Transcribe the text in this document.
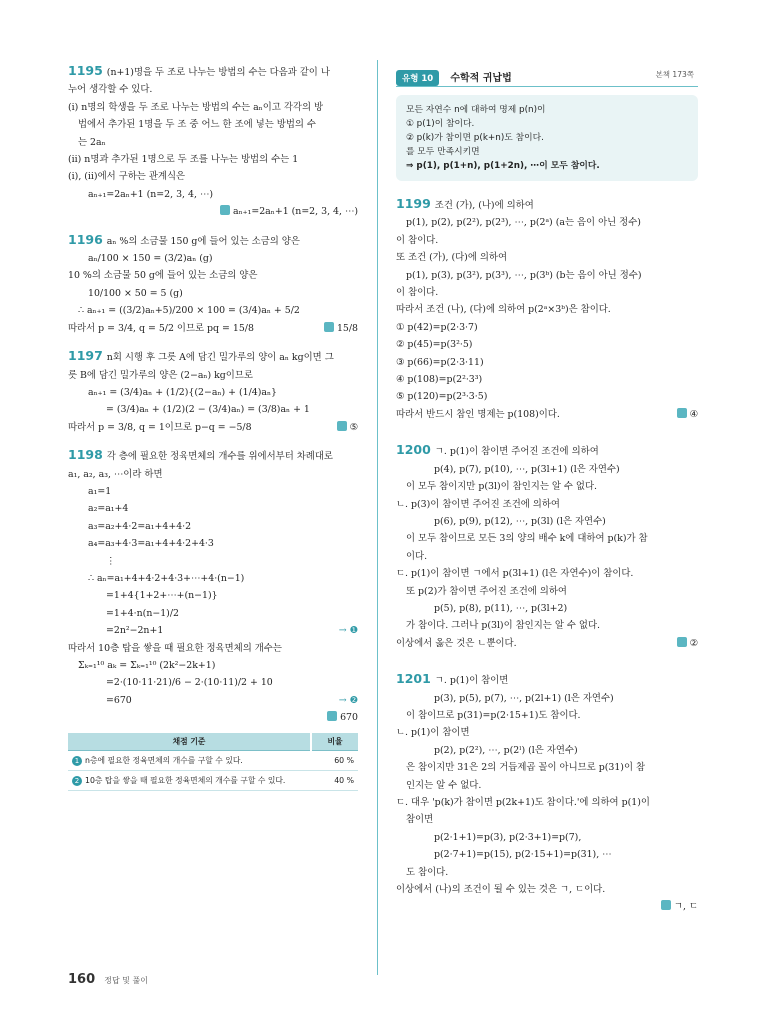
1195 (n+1)명을 두 조로 나누는 방법의 수는 다음과 같이 나
누어 생각할 수 있다.
(i) n명의 학생을 두 조로 나누는 방법의 수는 aₙ이고 각각의 방
법에서 추가된 1명을 두 조 중 어느 한 조에 넣는 방법의 수
는 2aₙ
(ii) n명과 추가된 1명으로 두 조를 나누는 방법의 수는 1
(i), (ii)에서 구하는 관계식은
aₙ₊₁=2aₙ+1 (n=2, 3, 4, ⋯)
aₙ₊₁=2aₙ+1 (n=2, 3, 4, ⋯)
1196 aₙ %의 소금물 150 g에 들어 있는 소금의 양은
aₙ/100 × 150 = (3/2)aₙ (g)
10 %의 소금물 50 g에 들어 있는 소금의 양은
10/100 × 50 = 5 (g)
∴ aₙ₊₁ = ((3/2)aₙ+5)/200 × 100 = (3/4)aₙ + 5/2
따라서 p = 3/4, q = 5/2 이므로 pq = 15/8	15/8
1197 n회 시행 후 그릇 A에 담긴 밀가루의 양이 aₙ kg이면 그
릇 B에 담긴 밀가루의 양은 (2−aₙ) kg이므로
aₙ₊₁ = (3/4)aₙ + (1/2){(2−aₙ) + (1/4)aₙ}
= (3/4)aₙ + (1/2)(2 − (3/4)aₙ) = (3/8)aₙ + 1
따라서 p = 3/8, q = 1이므로 p−q = −5/8	⑤
1198 각 층에 필요한 정육면체의 개수를 위에서부터 차례대로
a₁, a₂, a₃, ⋯이라 하면
a₁=1
a₂=a₁+4
a₃=a₂+4·2=a₁+4+4·2
a₄=a₃+4·3=a₁+4+4·2+4·3
⋮
∴ aₙ=a₁+4+4·2+4·3+⋯+4·(n−1)
=1+4{1+2+⋯+(n−1)}
=1+4·n(n−1)/2
=2n²−2n+1	→ ❶
따라서 10층 탑을 쌓을 때 필요한 정육면체의 개수는
Σₖ₌₁¹⁰ aₖ = Σₖ₌₁¹⁰ (2k²−2k+1)
=2·(10·11·21)/6 − 2·(10·11)/2 + 10
=670	→ ❷
670
채점 기준	비율
1 n층에 필요한 정육면체의 개수를 구할 수 있다.	60 %
2 10층 탑을 쌓을 때 필요한 정육면체의 개수를 구할 수 있다.	40 %
유형 10 수학적 귀납법	본책 173쪽
모든 자연수 n에 대하여 명제 p(n)이
① p(1)이 참이다.
② p(k)가 참이면 p(k+n)도 참이다.
를 모두 만족시키면
⇒ p(1), p(1+n), p(1+2n), ⋯이 모두 참이다.
1199 조건 (가), (나)에 의하여
p(1), p(2), p(2²), p(2³), ⋯, p(2ᵃ) (a는 음이 아닌 정수)
이 참이다.
또 조건 (가), (다)에 의하여
p(1), p(3), p(3²), p(3³), ⋯, p(3ᵇ) (b는 음이 아닌 정수)
이 참이다.
따라서 조건 (나), (다)에 의하여 p(2ᵃ×3ᵇ)은 참이다.
① p(42)=p(2·3·7)
② p(45)=p(3²·5)
③ p(66)=p(2·3·11)
④ p(108)=p(2²·3³)
⑤ p(120)=p(2³·3·5)
따라서 반드시 참인 명제는 p(108)이다.	④
1200 ㄱ. p(1)이 참이면 주어진 조건에 의하여
p(4), p(7), p(10), ⋯, p(3l+1) (l은 자연수)
이 모두 참이지만 p(3l)이 참인지는 알 수 없다.
ㄴ. p(3)이 참이면 주어진 조건에 의하여
p(6), p(9), p(12), ⋯, p(3l) (l은 자연수)
이 모두 참이므로 모든 3의 양의 배수 k에 대하여 p(k)가 참
이다.
ㄷ. p(1)이 참이면 ㄱ에서 p(3l+1) (l은 자연수)이 참이다.
또 p(2)가 참이면 주어진 조건에 의하여
p(5), p(8), p(11), ⋯, p(3l+2)
가 참이다. 그러나 p(3l)이 참인지는 알 수 없다.
이상에서 옳은 것은 ㄴ뿐이다.	②
1201 ㄱ. p(1)이 참이면
p(3), p(5), p(7), ⋯, p(2l+1) (l은 자연수)
이 참이므로 p(31)=p(2·15+1)도 참이다.
ㄴ. p(1)이 참이면
p(2), p(2²), ⋯, p(2ˡ) (l은 자연수)
은 참이지만 31은 2의 거듭제곱 꼴이 아니므로 p(31)이 참
인지는 알 수 없다.
ㄷ. 대우 'p(k)가 참이면 p(2k+1)도 참이다.'에 의하여 p(1)이
참이면
p(2·1+1)=p(3), p(2·3+1)=p(7),
p(2·7+1)=p(15), p(2·15+1)=p(31), ⋯
도 참이다.
이상에서 (나)의 조건이 될 수 있는 것은 ㄱ, ㄷ이다.
ㄱ, ㄷ
160 정답 및 풀이
